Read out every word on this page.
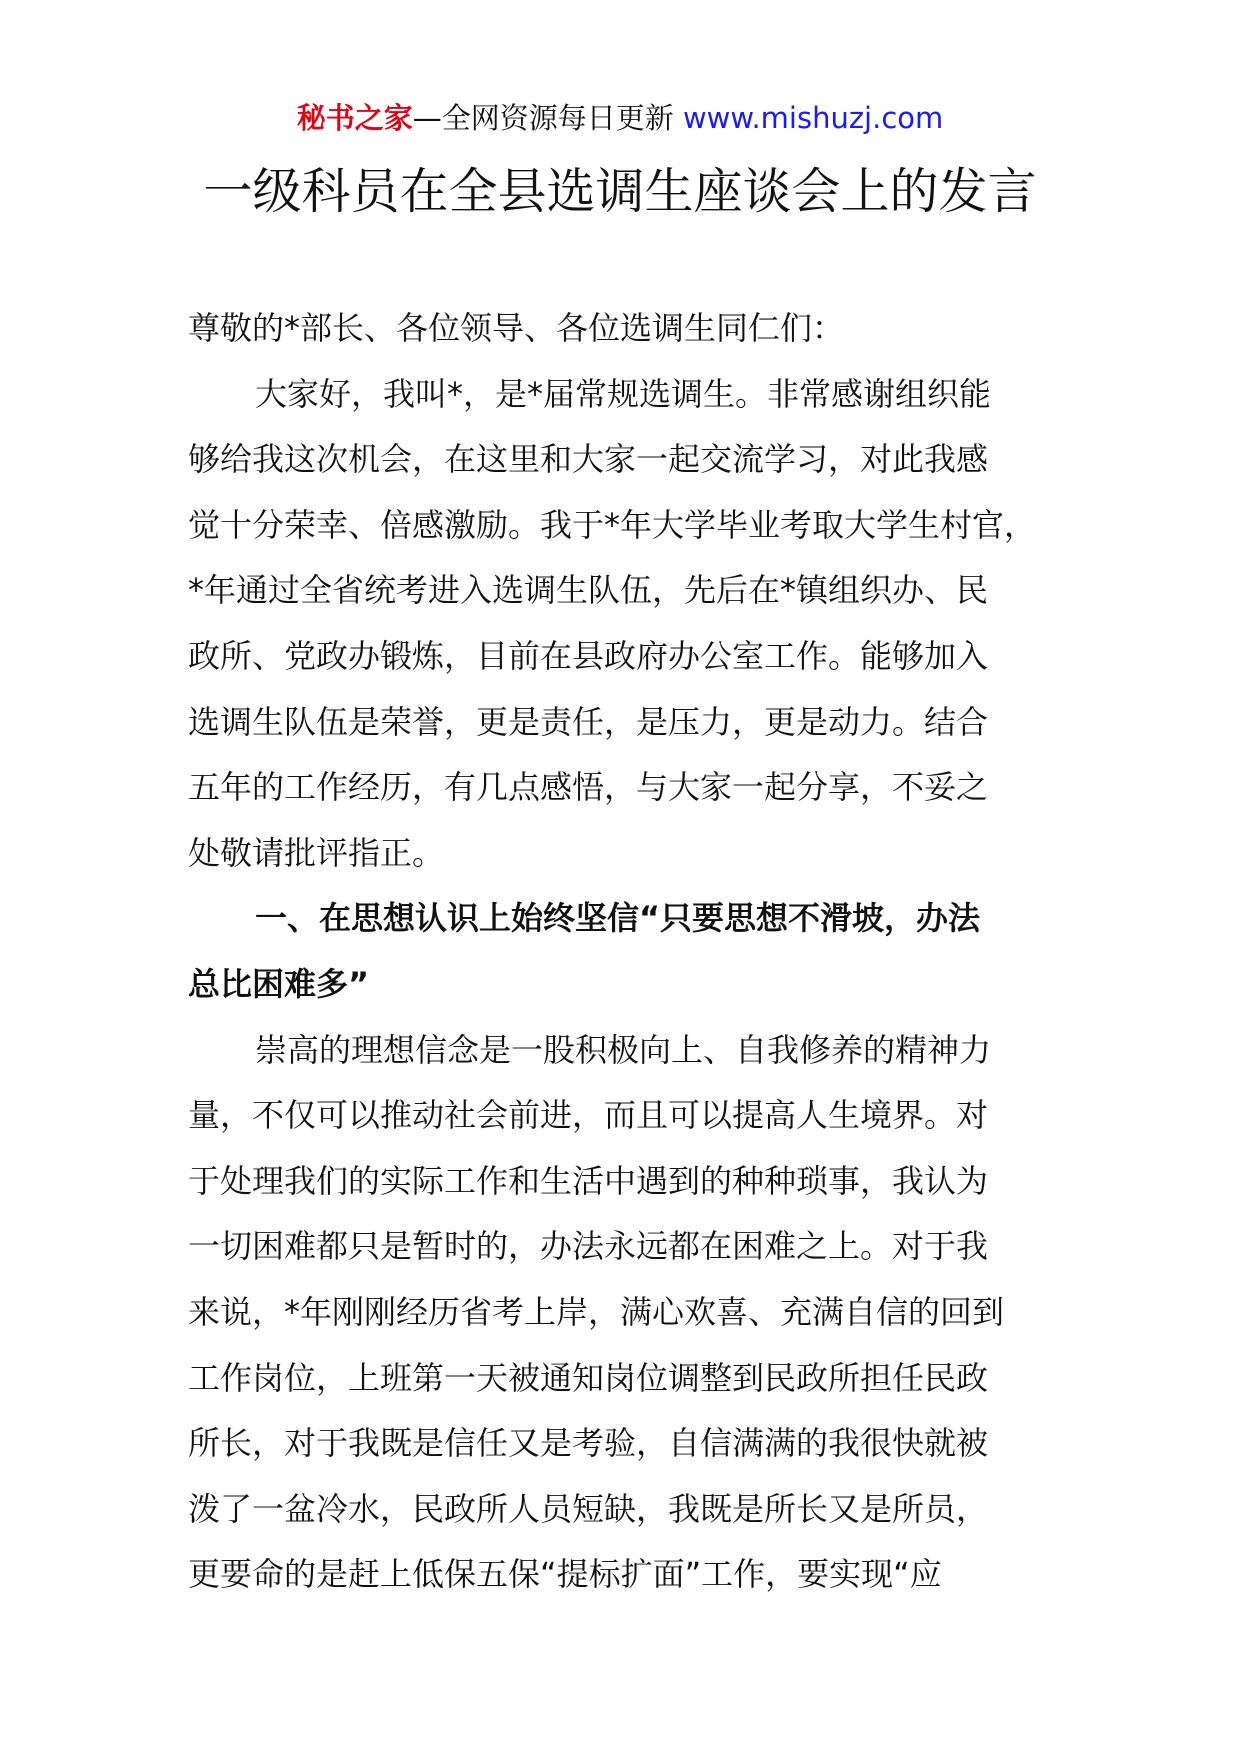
秘书之家—全网资源每日更新 www.mishuzj.com
一级科员在全县选调生座谈会上的发言
尊敬的*部长、各位领导、各位选调生同仁们：
大家好，我叫*，是*届常规选调生。非常感谢组织能
够给我这次机会，在这里和大家一起交流学习，对此我感
觉十分荣幸、倍感激励。我于*年大学毕业考取大学生村官，
*年通过全省统考进入选调生队伍，先后在*镇组织办、民
政所、党政办锻炼，目前在县政府办公室工作。能够加入
选调生队伍是荣誉，更是责任，是压力，更是动力。结合
五年的工作经历，有几点感悟，与大家一起分享，不妥之
处敬请批评指正。
一、在思想认识上始终坚信“只要思想不滑坡，办法
总比困难多”
崇高的理想信念是一股积极向上、自我修养的精神力
量，不仅可以推动社会前进，而且可以提高人生境界。对
于处理我们的实际工作和生活中遇到的种种琐事，我认为
一切困难都只是暂时的，办法永远都在困难之上。对于我
来说，*年刚刚经历省考上岸，满心欢喜、充满自信的回到
工作岗位，上班第一天被通知岗位调整到民政所担任民政
所长，对于我既是信任又是考验，自信满满的我很快就被
泼了一盆冷水，民政所人员短缺，我既是所长又是所员，
更要命的是赶上低保五保“提标扩面”工作，要实现“应
